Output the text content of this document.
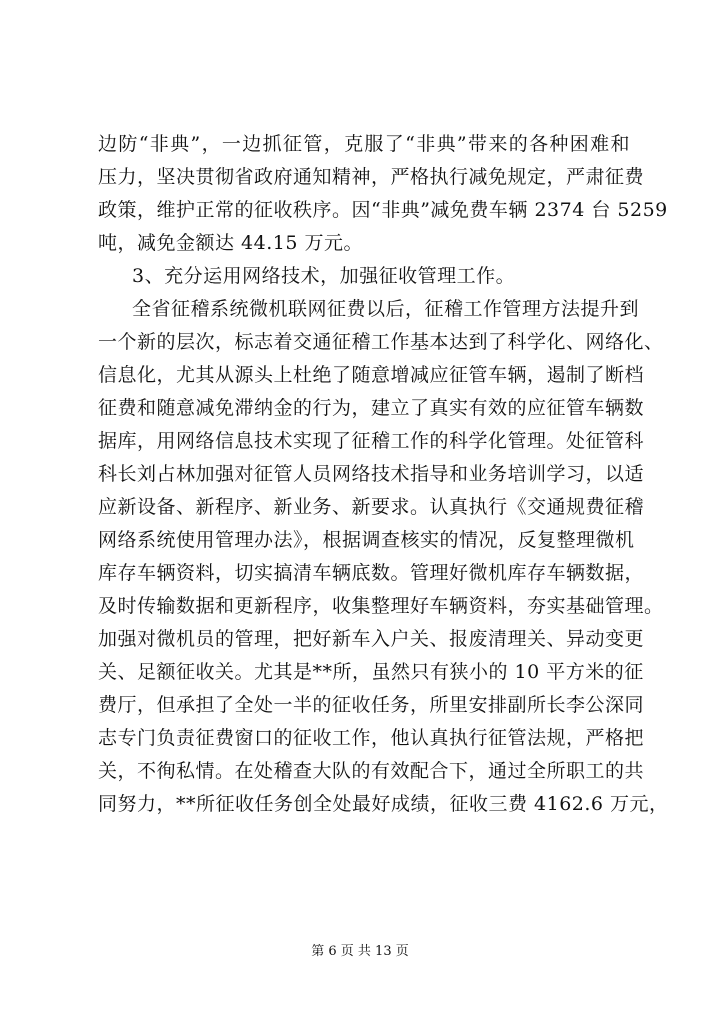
边防“非典”，一边抓征管，克服了“非典”带来的各种困难和
压力，坚决贯彻省政府通知精神，严格执行减免规定，严肃征费
政策，维护正常的征收秩序。因“非典”减免费车辆 2374 台 5259
吨，减免金额达 44.15 万元。
3、充分运用网络技术，加强征收管理工作。
全省征稽系统微机联网征费以后，征稽工作管理方法提升到
一个新的层次，标志着交通征稽工作基本达到了科学化、网络化、
信息化，尤其从源头上杜绝了随意增减应征管车辆，遏制了断档
征费和随意减免滞纳金的行为，建立了真实有效的应征管车辆数
据库，用网络信息技术实现了征稽工作的科学化管理。处征管科
科长刘占林加强对征管人员网络技术指导和业务培训学习，以适
应新设备、新程序、新业务、新要求。认真执行《交通规费征稽
网络系统使用管理办法》，根据调查核实的情况，反复整理微机
库存车辆资料，切实搞清车辆底数。管理好微机库存车辆数据，
及时传输数据和更新程序，收集整理好车辆资料，夯实基础管理。
加强对微机员的管理，把好新车入户关、报废清理关、异动变更
关、足额征收关。尤其是**所，虽然只有狭小的 10 平方米的征
费厅，但承担了全处一半的征收任务，所里安排副所长李公深同
志专门负责征费窗口的征收工作，他认真执行征管法规，严格把
关，不徇私情。在处稽查大队的有效配合下，通过全所职工的共
同努力，**所征收任务创全处最好成绩，征收三费 4162.6 万元，
第 6 页 共 13 页
